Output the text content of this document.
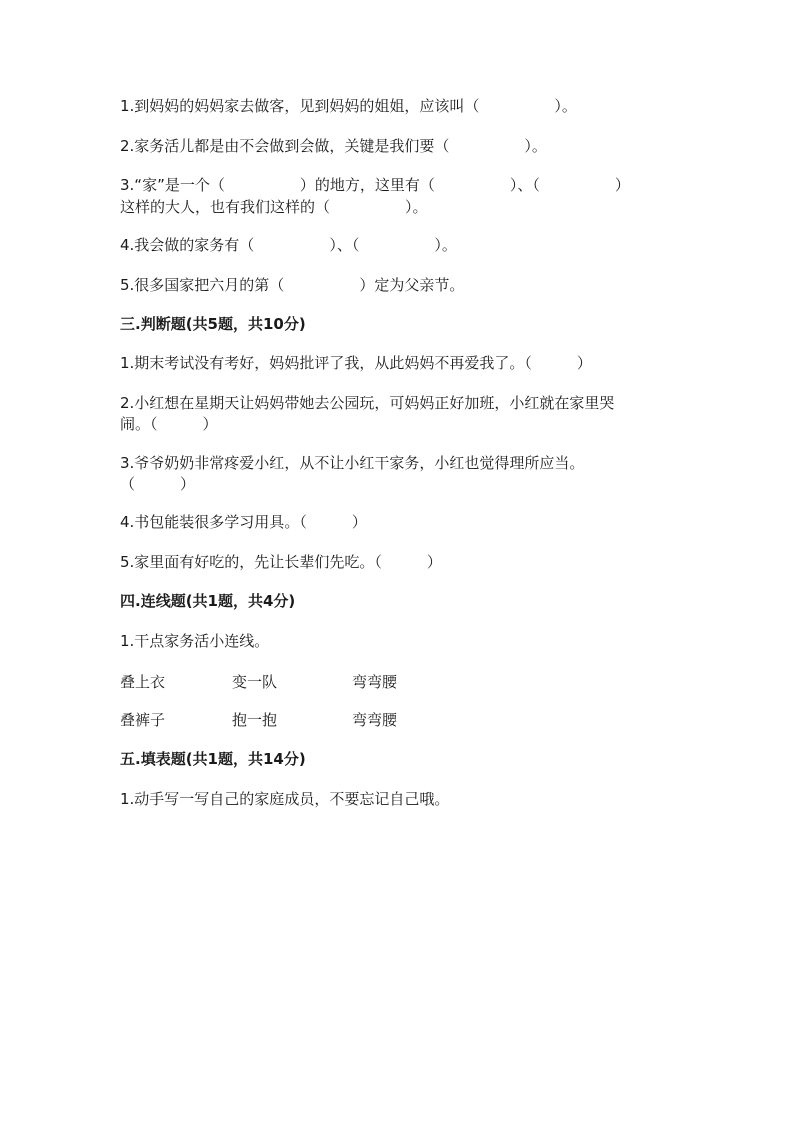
1.到妈妈的妈妈家去做客，见到妈妈的姐姐，应该叫（　　　　　）。

2.家务活儿都是由不会做到会做，关键是我们要（　　　　　）。

3.“家”是一个（　　　　　）的地方，这里有（　　　　　）、（　　　　　）

这样的大人，也有我们这样的（　　　　　）。

4.我会做的家务有（　　　　　）、（　　　　　）。

5.很多国家把六月的第（　　　　　）定为父亲节。

三.判断题(共5题，共10分)

1.期末考试没有考好，妈妈批评了我，从此妈妈不再爱我了。（　　　）

2.小红想在星期天让妈妈带她去公园玩，可妈妈正好加班，小红就在家里哭

闹。（　　　）

3.爷爷奶奶非常疼爱小红，从不让小红干家务，小红也觉得理所应当。

（　　　）

4.书包能装很多学习用具。（　　　）

5.家里面有好吃的，先让长辈们先吃。（　　　）

四.连线题(共1题，共4分)

1.干点家务活小连线。

叠上衣	变一队	弯弯腰

叠裤子	抱一抱	弯弯腰

五.填表题(共1题，共14分)

1.动手写一写自己的家庭成员，不要忘记自己哦。
